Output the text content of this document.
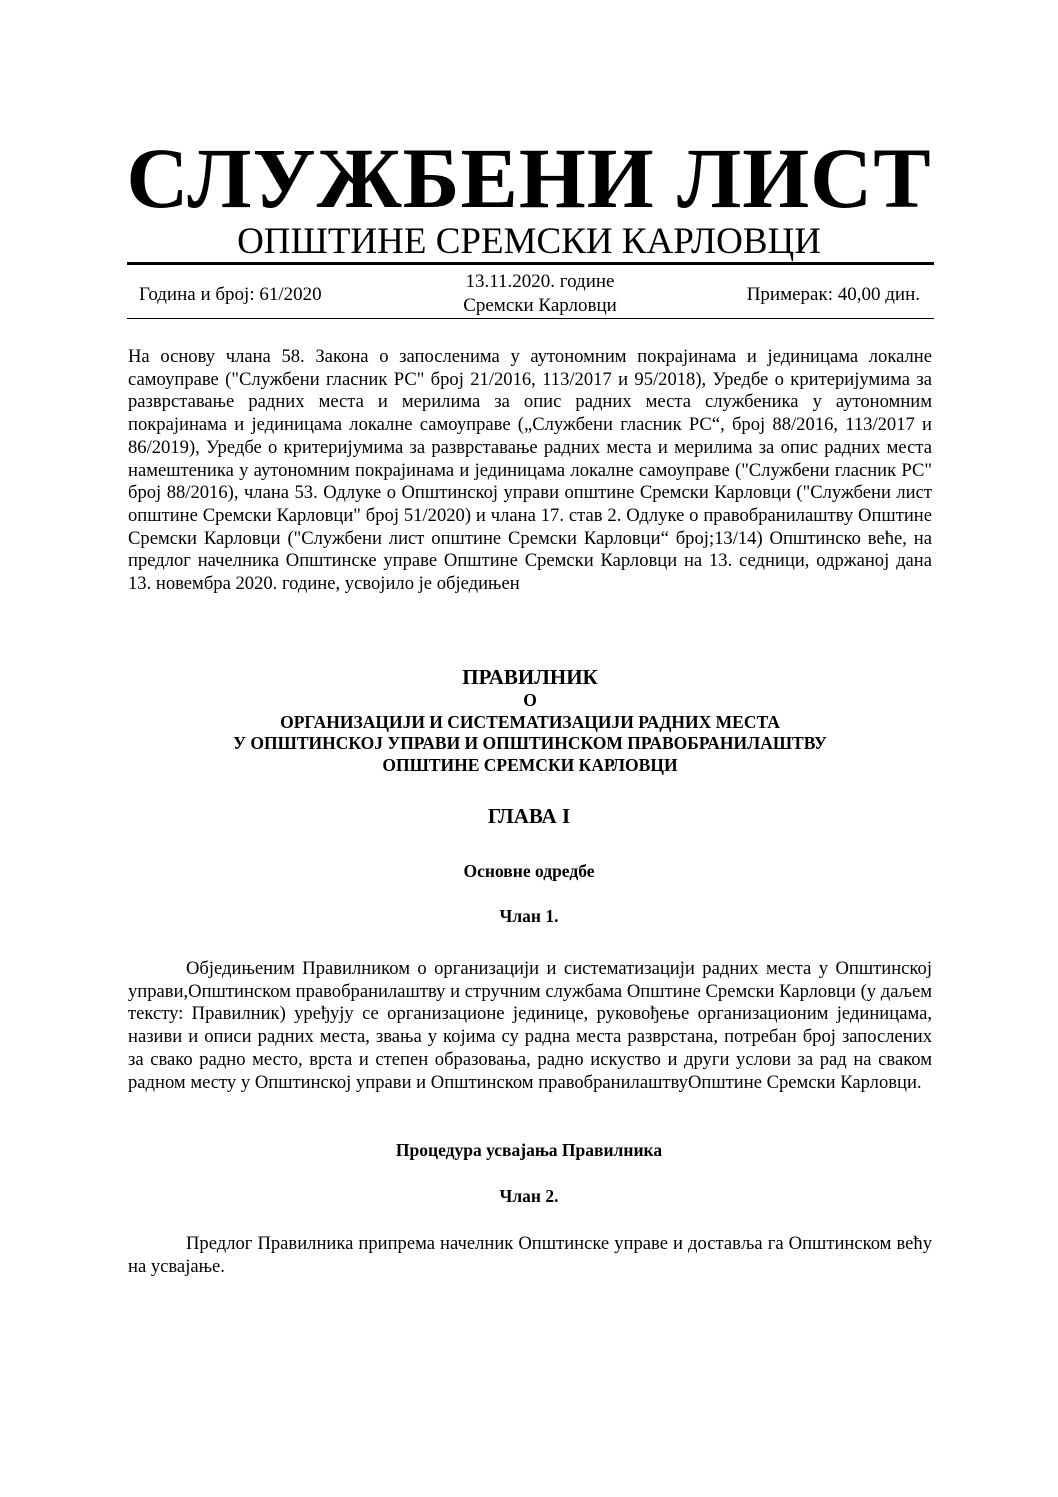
СЛУЖБЕНИ ЛИСТ
ОПШТИНЕ СРЕМСКИ КАРЛОВЦИ
Година и број: 61/2020
13.11.2020. године
Сремски Карловци
Примерак: 40,00 дин.

На основу члана 58. Закона о запосленима у аутономним покрајинама и јединицама локалне самоуправе ("Службени гласник РС" број 21/2016, 113/2017 и 95/2018), Уредбе о критеријумима за разврставање радних места и мерилима за опис радних места службеника у аутономним покрајинама и јединицама локалне самоуправе („Службени гласник РС“, број 88/2016, 113/2017 и 86/2019), Уредбе о критеријумима за разврставање радних места и мерилима за опис радних места намештеника у аутономним покрајинама и јединицама локалне самоуправе ("Службени гласник РС" број 88/2016), члана 53. Одлуке о Општинској управи општине Сремски Карловци ("Службени лист општине Сремски Карловци" број 51/2020) и члана 17. став 2. Одлуке о правобранилаштву Општине Сремски Карловци ("Службени лист општине Сремски Карловци“ број;13/14) Општинско веће, на предлог начелника Општинске управе Општине Сремски Карловци на 13. седници, одржаној дана 13. новембра 2020. године, усвојило је обједињен

ПРАВИЛНИК
О
ОРГАНИЗАЦИЈИ И СИСТЕМАТИЗАЦИЈИ РАДНИХ МЕСТА
У ОПШТИНСКОЈ УПРАВИ И ОПШТИНСКОМ ПРАВОБРАНИЛАШТВУ
ОПШТИНЕ СРЕМСКИ КАРЛОВЦИ
ГЛАВА I
Основне одредбе
Члан 1.

Обједињеним Правилником о организацији и систематизацији радних места у Општинској управи,Општинском правобранилаштву и стручним службама Општине Сремски Карловци (у даљем тексту: Правилник) уређују се организационе јединице, руковођење организационим јединицама, називи и описи радних места, звања у којима су радна места разврстана, потребан број запослених за свако радно место, врста и степен образовања, радно искуство и други услови за рад на сваком радном месту у Општинској управи и Општинском правобранилаштвуОпштине Сремски Карловци.

Процедура усвајања Правилника
Члан 2.

Предлог Правилника припрема начелник Општинске управе и доставља га Општинском већу на усвајање.
